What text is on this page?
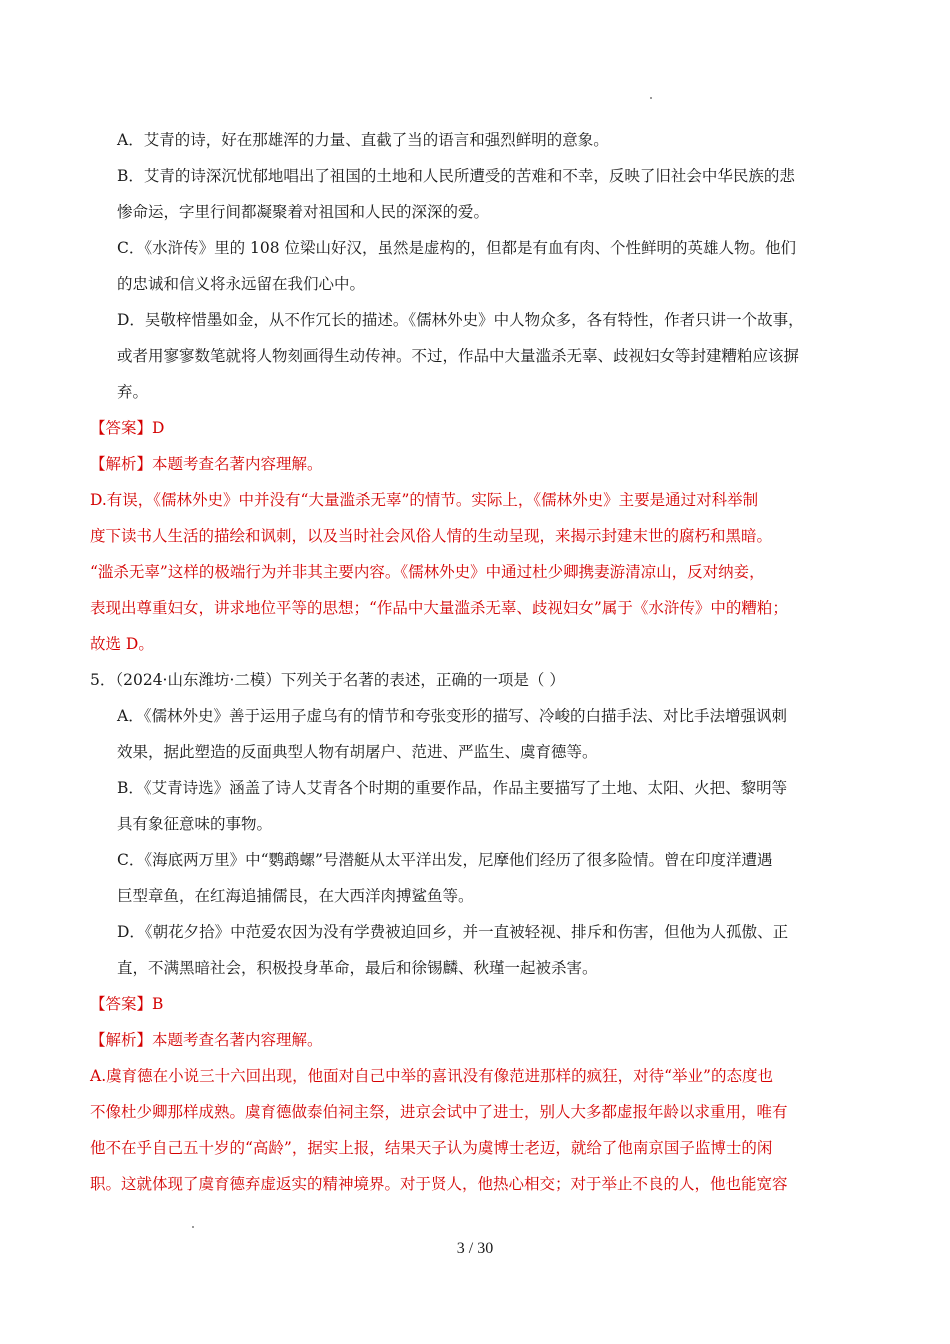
A．艾青的诗，好在那雄浑的力量、直截了当的语言和强烈鲜明的意象。

B．艾青的诗深沉忧郁地唱出了祖国的土地和人民所遭受的苦难和不幸，反映了旧社会中华民族的悲

惨命运，字里行间都凝聚着对祖国和人民的深深的爱。

C．《水浒传》里的 108 位梁山好汉，虽然是虚构的，但都是有血有肉、个性鲜明的英雄人物。他们

的忠诚和信义将永远留在我们心中。

D．吴敬梓惜墨如金，从不作冗长的描述。《儒林外史》中人物众多，各有特性，作者只讲一个故事，

或者用寥寥数笔就将人物刻画得生动传神。不过，作品中大量滥杀无辜、歧视妇女等封建糟粕应该摒

弃。

【答案】D

【解析】本题考查名著内容理解。

D.有误，《儒林外史》中并没有“大量滥杀无辜”的情节。实际上，《儒林外史》主要是通过对科举制

度下读书人生活的描绘和讽刺，以及当时社会风俗人情的生动呈现，来揭示封建末世的腐朽和黑暗。

“滥杀无辜”这样的极端行为并非其主要内容。《儒林外史》中通过杜少卿携妻游清凉山，反对纳妾，

表现出尊重妇女，讲求地位平等的思想；“作品中大量滥杀无辜、歧视妇女”属于《水浒传》中的糟粕；

故选 D。

5．（2024·山东潍坊·二模）下列关于名著的表述，正确的一项是（ ）

A．《儒林外史》善于运用子虚乌有的情节和夸张变形的描写、冷峻的白描手法、对比手法增强讽刺

效果，据此塑造的反面典型人物有胡屠户、范进、严监生、虞育德等。

B．《艾青诗选》涵盖了诗人艾青各个时期的重要作品，作品主要描写了土地、太阳、火把、黎明等

具有象征意味的事物。

C．《海底两万里》中“鹦鹉螺”号潜艇从太平洋出发，尼摩他们经历了很多险情。曾在印度洋遭遇

巨型章鱼，在红海追捕儒艮，在大西洋肉搏鲨鱼等。

D．《朝花夕拾》中范爱农因为没有学费被迫回乡，并一直被轻视、排斥和伤害，但他为人孤傲、正

直，不满黑暗社会，积极投身革命，最后和徐锡麟、秋瑾一起被杀害。

【答案】B

【解析】本题考查名著内容理解。

A.虞育德在小说三十六回出现，他面对自己中举的喜讯没有像范进那样的疯狂，对待“举业”的态度也

不像杜少卿那样成熟。虞育德做泰伯祠主祭，进京会试中了进士，别人大多都虚报年龄以求重用，唯有

他不在乎自己五十岁的“高龄”，据实上报，结果天子认为虞博士老迈，就给了他南京国子监博士的闲

职。这就体现了虞育德弃虚返实的精神境界。对于贤人，他热心相交；对于举止不良的人，他也能宽容

3 / 30
